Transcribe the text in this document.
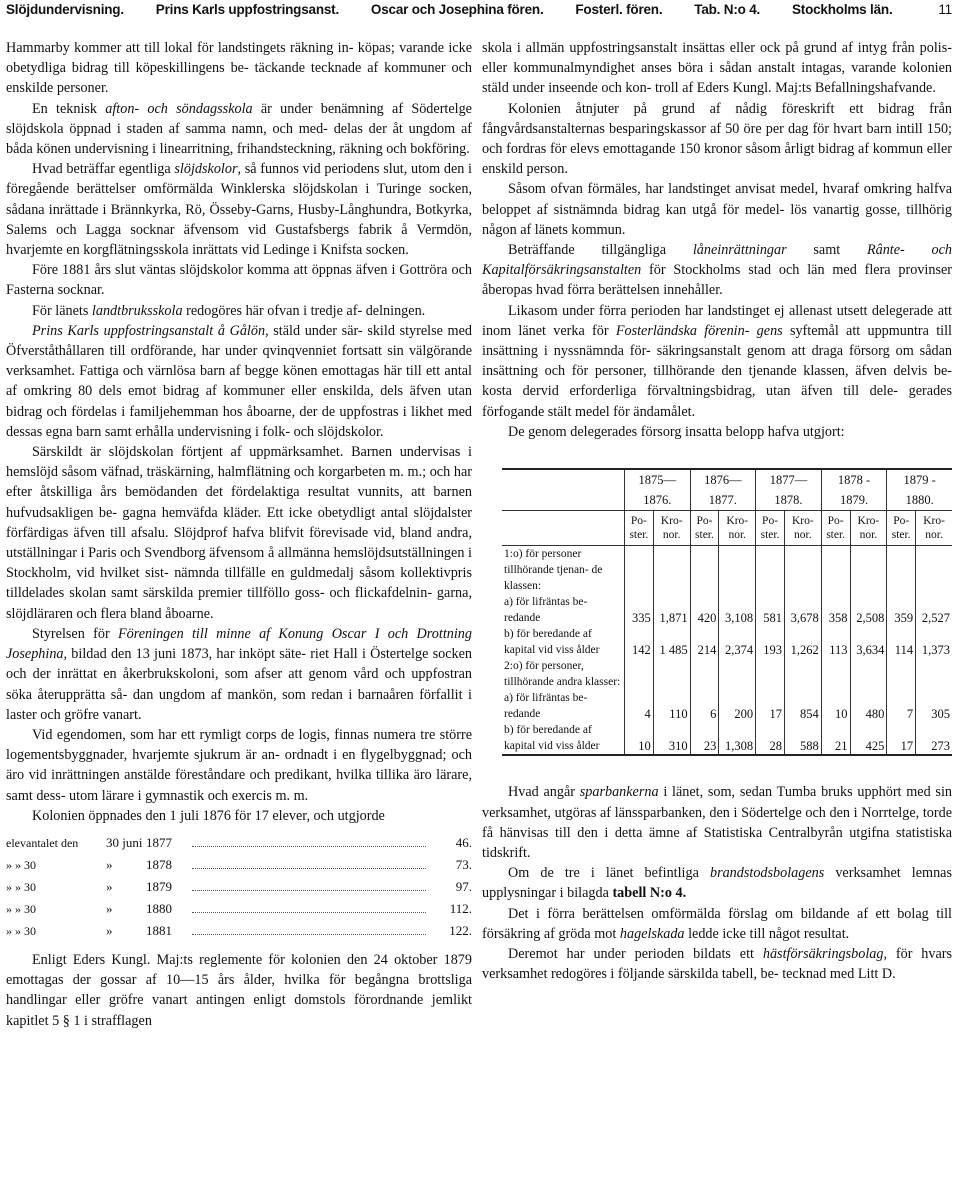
Slöjdundervisning. Prins Karls uppfostringsanst. Oscar och Josephina fören. Fosterl. fören. Tab. N:o 4. Stockholms län.	11

Hammarby kommer att till lokal för landstingets räkning in- köpas; varande icke obetydliga bidrag till köpeskillingens be- täckande tecknade af kommuner och enskilde personer.

En teknisk afton- och söndagsskola är under benämning af Södertelge slöjdskola öppnad i staden af samma namn, och med- delas der åt ungdom af båda könen undervisning i linearritning, frihandsteckning, räkning och bokföring.

Hvad beträffar egentliga slöjdskolor, så funnos vid periodens slut, utom den i föregående berättelser omförmälda Winklerska slöjdskolan i Turinge socken, sådana inrättade i Brännkyrka, Rö, Össeby-Garns, Husby-Långhundra, Botkyrka, Salems och Lagga socknar äfvensom vid Gustafsbergs fabrik å Vermdön, hvarjemte en korgflätningsskola inrättats vid Ledinge i Knifsta socken.

Före 1881 års slut väntas slöjdskolor komma att öppnas äfven i Gottröra och Fasterna socknar.

För länets landtbruksskola redogöres här ofvan i tredje af- delningen.

Prins Karls uppfostringsanstalt å Gålön, stäld under sär- skild styrelse med Öfverståthållaren till ordförande, har under qvinqvenniet fortsatt sin välgörande verksamhet. Fattiga och värnlösa barn af begge könen emottagas här till ett antal af omkring 80 dels emot bidrag af kommuner eller enskilda, dels äfven utan bidrag och fördelas i familjehemman hos åboarne, der de uppfostras i likhet med dessas egna barn samt erhålla undervisning i folk- och slöjdskolor.

Särskildt är slöjdskolan förtjent af uppmärksamhet. Barnen undervisas i hemslöjd såsom väfnad, träskärning, halmflätning och korgarbeten m. m.; och har efter åtskilliga års bemödanden det fördelaktiga resultat vunnits, att barnen hufvudsakligen be- gagna hemväfda kläder. Ett icke obetydligt antal slöjdalster förfärdigas äfven till afsalu. Slöjdprof hafva blifvit förevisade vid, bland andra, utställningar i Paris och Svendborg äfvensom å allmänna hemslöjdsutställningen i Stockholm, vid hvilket sist- nämnda tillfälle en guldmedalj såsom kollektivpris tilldelades skolan samt särskilda premier tillföllo goss- och flickafdelnin- garna, slöjdläraren och flera bland åboarne.

Styrelsen för Föreningen till minne af Konung Oscar I och Drottning Josephina, bildad den 13 juni 1873, har inköpt säte- riet Hall i Östertelge socken och der inrättat en åkerbrukskoloni, som afser att genom vård och uppfostran söka återupprätta så- dan ungdom af mankön, som redan i barnaåren förfallit i laster och gröfre vanart.

Vid egendomen, som har ett rymligt corps de logis, finnas numera tre större logementsbyggnader, hvarjemte sjukrum är an- ordnadt i en flygelbyggnad; och äro vid inrättningen anstälde föreståndare och predikant, hvilka tillika äro lärare, samt dess- utom lärare i gymnastik och exercis m. m.

Kolonien öppnades den 1 juli 1876 för 17 elever, och utgjorde

elevantalet den	30 juni 1877	46.
» » 30	»	1878	73.
» » 30	»	1879	97.
» » 30	»	1880	112.
» » 30	»	1881	122.

Enligt Eders Kungl. Maj:ts reglemente för kolonien den 24 oktober 1879 emottagas der gossar af 10—15 års ålder, hvilka för begångna brottsliga handlingar eller gröfre vanart antingen enligt domstols förordnande jemlikt kapitlet 5 § 1 i strafflagen

skola i allmän uppfostringsanstalt insättas eller ock på grund af intyg från polis- eller kommunalmyndighet anses böra i sådan anstalt intagas, varande kolonien stäld under inseende och kon- troll af Eders Kungl. Maj:ts Befallningshafvande.

Kolonien åtnjuter på grund af nådig föreskrift ett bidrag från fångvårdsanstalternas besparingskassor af 50 öre per dag för hvart barn intill 150; och fordras för elevs emottagande 150 kronor såsom årligt bidrag af kommun eller enskild person.

Såsom ofvan förmäles, har landstinget anvisat medel, hvaraf omkring halfva beloppet af sistnämnda bidrag kan utgå för medel- lös vanartig gosse, tillhörig någon af länets kommun.

Beträffande tillgängliga låneinrättningar samt Rânte- och Kapitalförsäkringsanstalten för Stockholms stad och län med flera provinser åberopas hvad förra berättelsen innehåller.

Likasom under förra perioden har landstinget ej allenast utsett delegerade att inom länet verka för Fosterländska förenin- gens syftemål att uppmuntra till insättning i nyssnämnda för- säkringsanstalt genom att draga försorg om sådan insättning och för personer, tillhörande den tjenande klassen, äfven delvis be- kosta dervid erforderliga förvaltningsbidrag, utan äfven till dele- gerades förfogande stält medel för ändamålet.

De genom delegerades försorg insatta belopp hafva utgjort:

	1875—1876.		1876—1877.		1877—1878.		1878 - 1879.		1879 - 1880.	
	Po- ster.	Kro- nor.	Po- ster.	Kro- nor.	Po- ster.	Kro- nor.	Po- ster.	Kro- nor.	Po- ster.	Kro- nor.
1:o) för personer tillhörande tjenan- de klassen:										
a) för lifräntas be- redande	335	1,871	420	3,108	581	3,678	358	2,508	359	2,527
b) för beredande af kapital vid viss ålder	142	1 485	214	2,374	193	1,262	113	3,634	114	1,373
2:o) för personer, tillhörande andra klasser:										
a) för lifräntas be- redande	4	110	6	200	17	854	10	480	7	305
b) för beredande af kapital vid viss ålder	10	310	23	1,308	28	588	21	425	17	273

Hvad angår sparbankerna i länet, som, sedan Tumba bruks upphört med sin verksamhet, utgöras af länssparbanken, den i Södertelge och den i Norrtelge, torde få hänvisas till den i detta ämne af Statistiska Centralbyrån utgifna statistiska tidskrift.

Om de tre i länet befintliga brandstodsbolagens verksamhet lemnas upplysningar i bilagda tabell N:o 4.

Det i förra berättelsen omförmälda förslag om bildande af ett bolag till försäkring af gröda mot hagelskada ledde icke till något resultat.

Deremot har under perioden bildats ett hästförsäkringsbolag, för hvars verksamhet redogöres i följande särskilda tabell, be- tecknad med Litt D.
